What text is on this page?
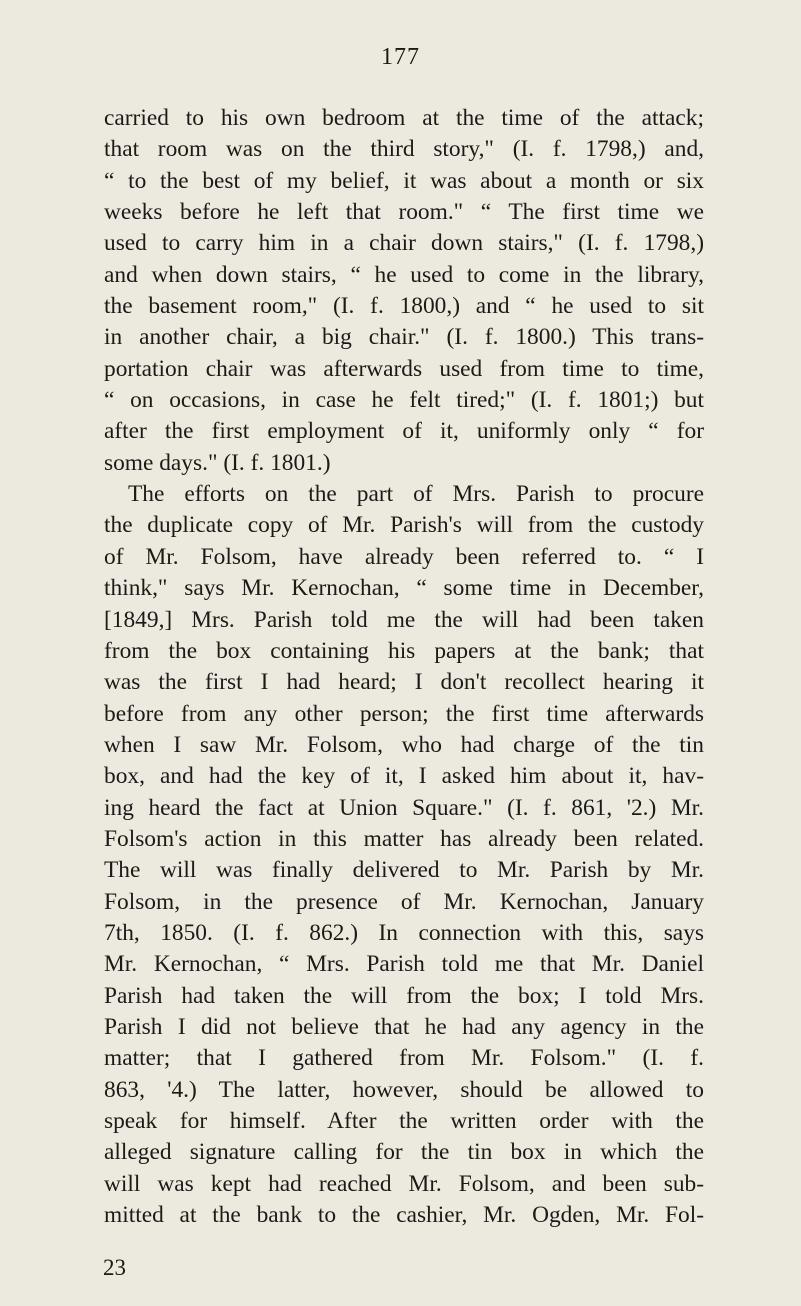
177
carried to his own bedroom at the time of the attack;
that room was on the third story," (I. f. 1798,) and,
“ to the best of my belief, it was about a month or six
weeks before he left that room." “ The first time we
used to carry him in a chair down stairs," (I. f. 1798,)
and when down stairs, “ he used to come in the library,
the basement room," (I. f. 1800,) and “ he used to sit
in another chair, a big chair." (I. f. 1800.) This trans-
portation chair was afterwards used from time to time,
“ on occasions, in case he felt tired;" (I. f. 1801;) but
after the first employment of it, uniformly only “ for
some days." (I. f. 1801.)
The efforts on the part of Mrs. Parish to procure
the duplicate copy of Mr. Parish's will from the custody
of Mr. Folsom, have already been referred to. “ I
think," says Mr. Kernochan, “ some time in December,
[1849,] Mrs. Parish told me the will had been taken
from the box containing his papers at the bank; that
was the first I had heard; I don't recollect hearing it
before from any other person; the first time afterwards
when I saw Mr. Folsom, who had charge of the tin
box, and had the key of it, I asked him about it, hav-
ing heard the fact at Union Square." (I. f. 861, '2.) Mr.
Folsom's action in this matter has already been related.
The will was finally delivered to Mr. Parish by Mr.
Folsom, in the presence of Mr. Kernochan, January
7th, 1850. (I. f. 862.) In connection with this, says
Mr. Kernochan, “ Mrs. Parish told me that Mr. Daniel
Parish had taken the will from the box; I told Mrs.
Parish I did not believe that he had any agency in the
matter; that I gathered from Mr. Folsom." (I. f.
863, '4.) The latter, however, should be allowed to
speak for himself. After the written order with the
alleged signature calling for the tin box in which the
will was kept had reached Mr. Folsom, and been sub-
mitted at the bank to the cashier, Mr. Ogden, Mr. Fol-
23
